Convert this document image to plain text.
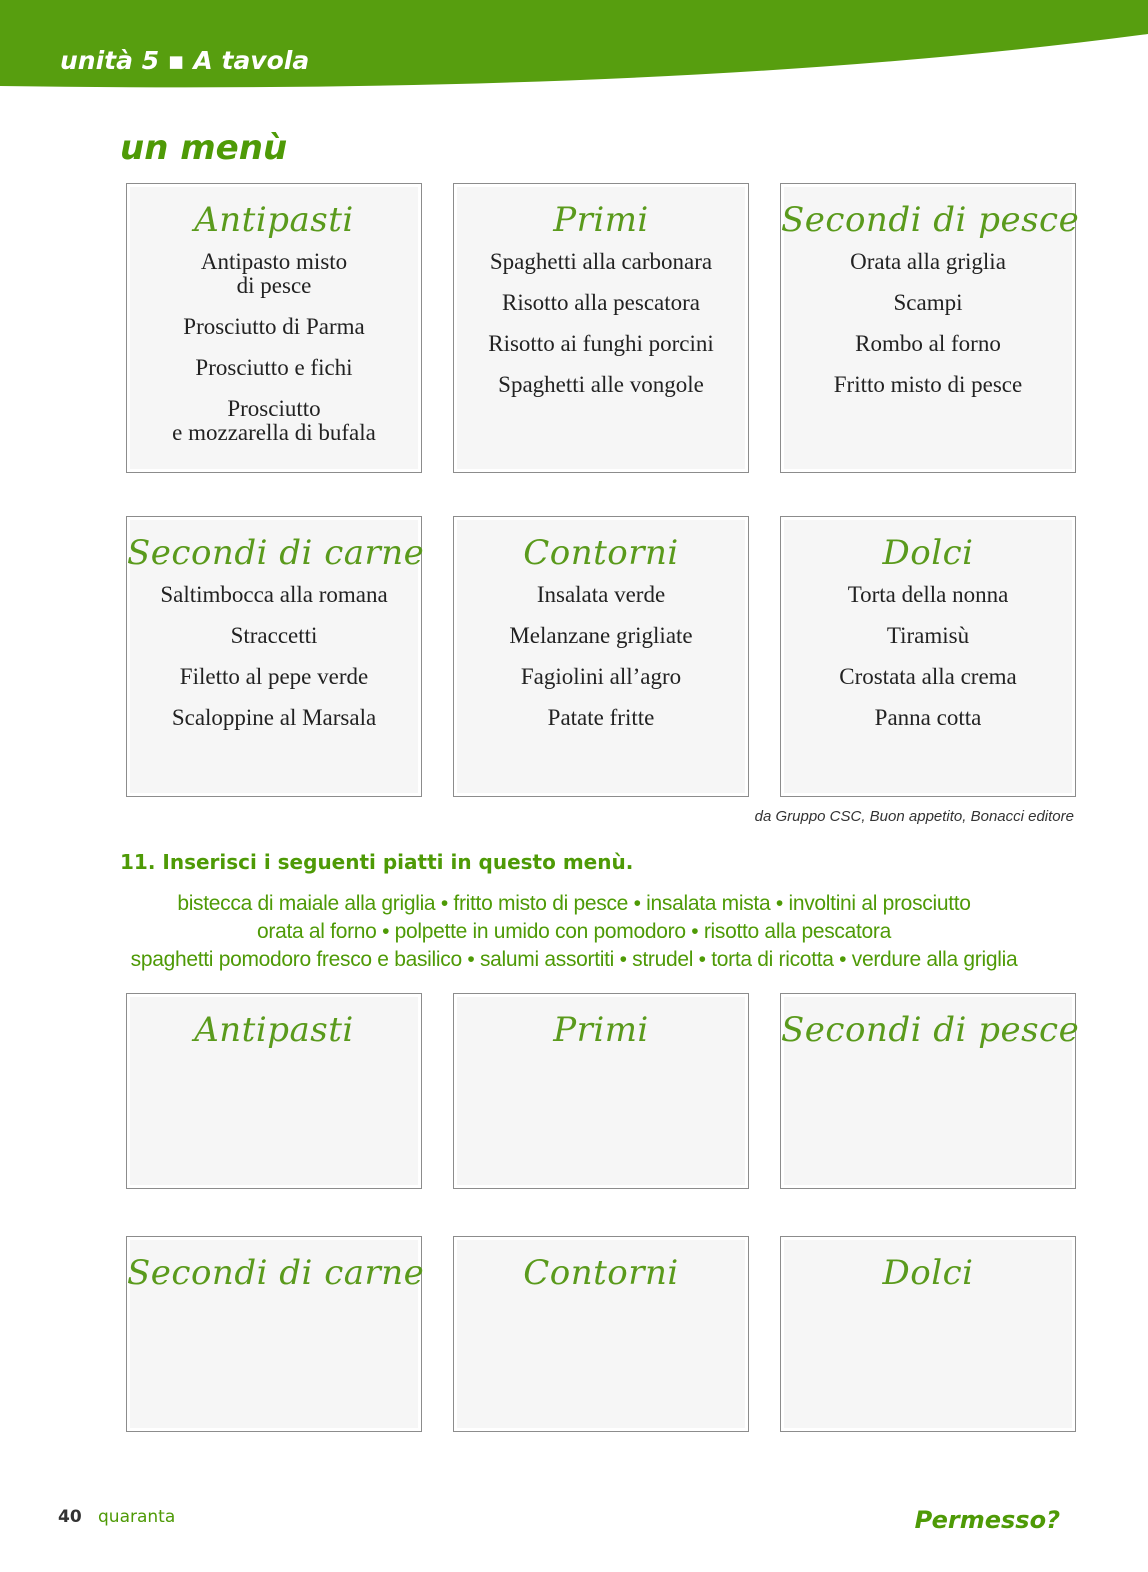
unità 5 ▪ A tavola
un menù
Antipasti
Antipasto misto
di pesce
Prosciutto di Parma
Prosciutto e fichi
Prosciutto
e mozzarella di bufala
Primi
Spaghetti alla carbonara
Risotto alla pescatora
Risotto ai funghi porcini
Spaghetti alle vongole
Secondi di pesce
Orata alla griglia
Scampi
Rombo al forno
Fritto misto di pesce
Secondi di carne
Saltimbocca alla romana
Straccetti
Filetto al pepe verde
Scaloppine al Marsala
Contorni
Insalata verde
Melanzane grigliate
Fagiolini all’agro
Patate fritte
Dolci
Torta della nonna
Tiramisù
Crostata alla crema
Panna cotta
da Gruppo CSC, Buon appetito, Bonacci editore
11. Inserisci i seguenti piatti in questo menù.
bistecca di maiale alla griglia • fritto misto di pesce • insalata mista • involtini al prosciutto
orata al forno • polpette in umido con pomodoro • risotto alla pescatora
spaghetti pomodoro fresco e basilico • salumi assortiti • strudel • torta di ricotta • verdure alla griglia
Antipasti	Primi	Secondi di pesce
Secondi di carne	Contorni	Dolci
40 quaranta	Permesso?
